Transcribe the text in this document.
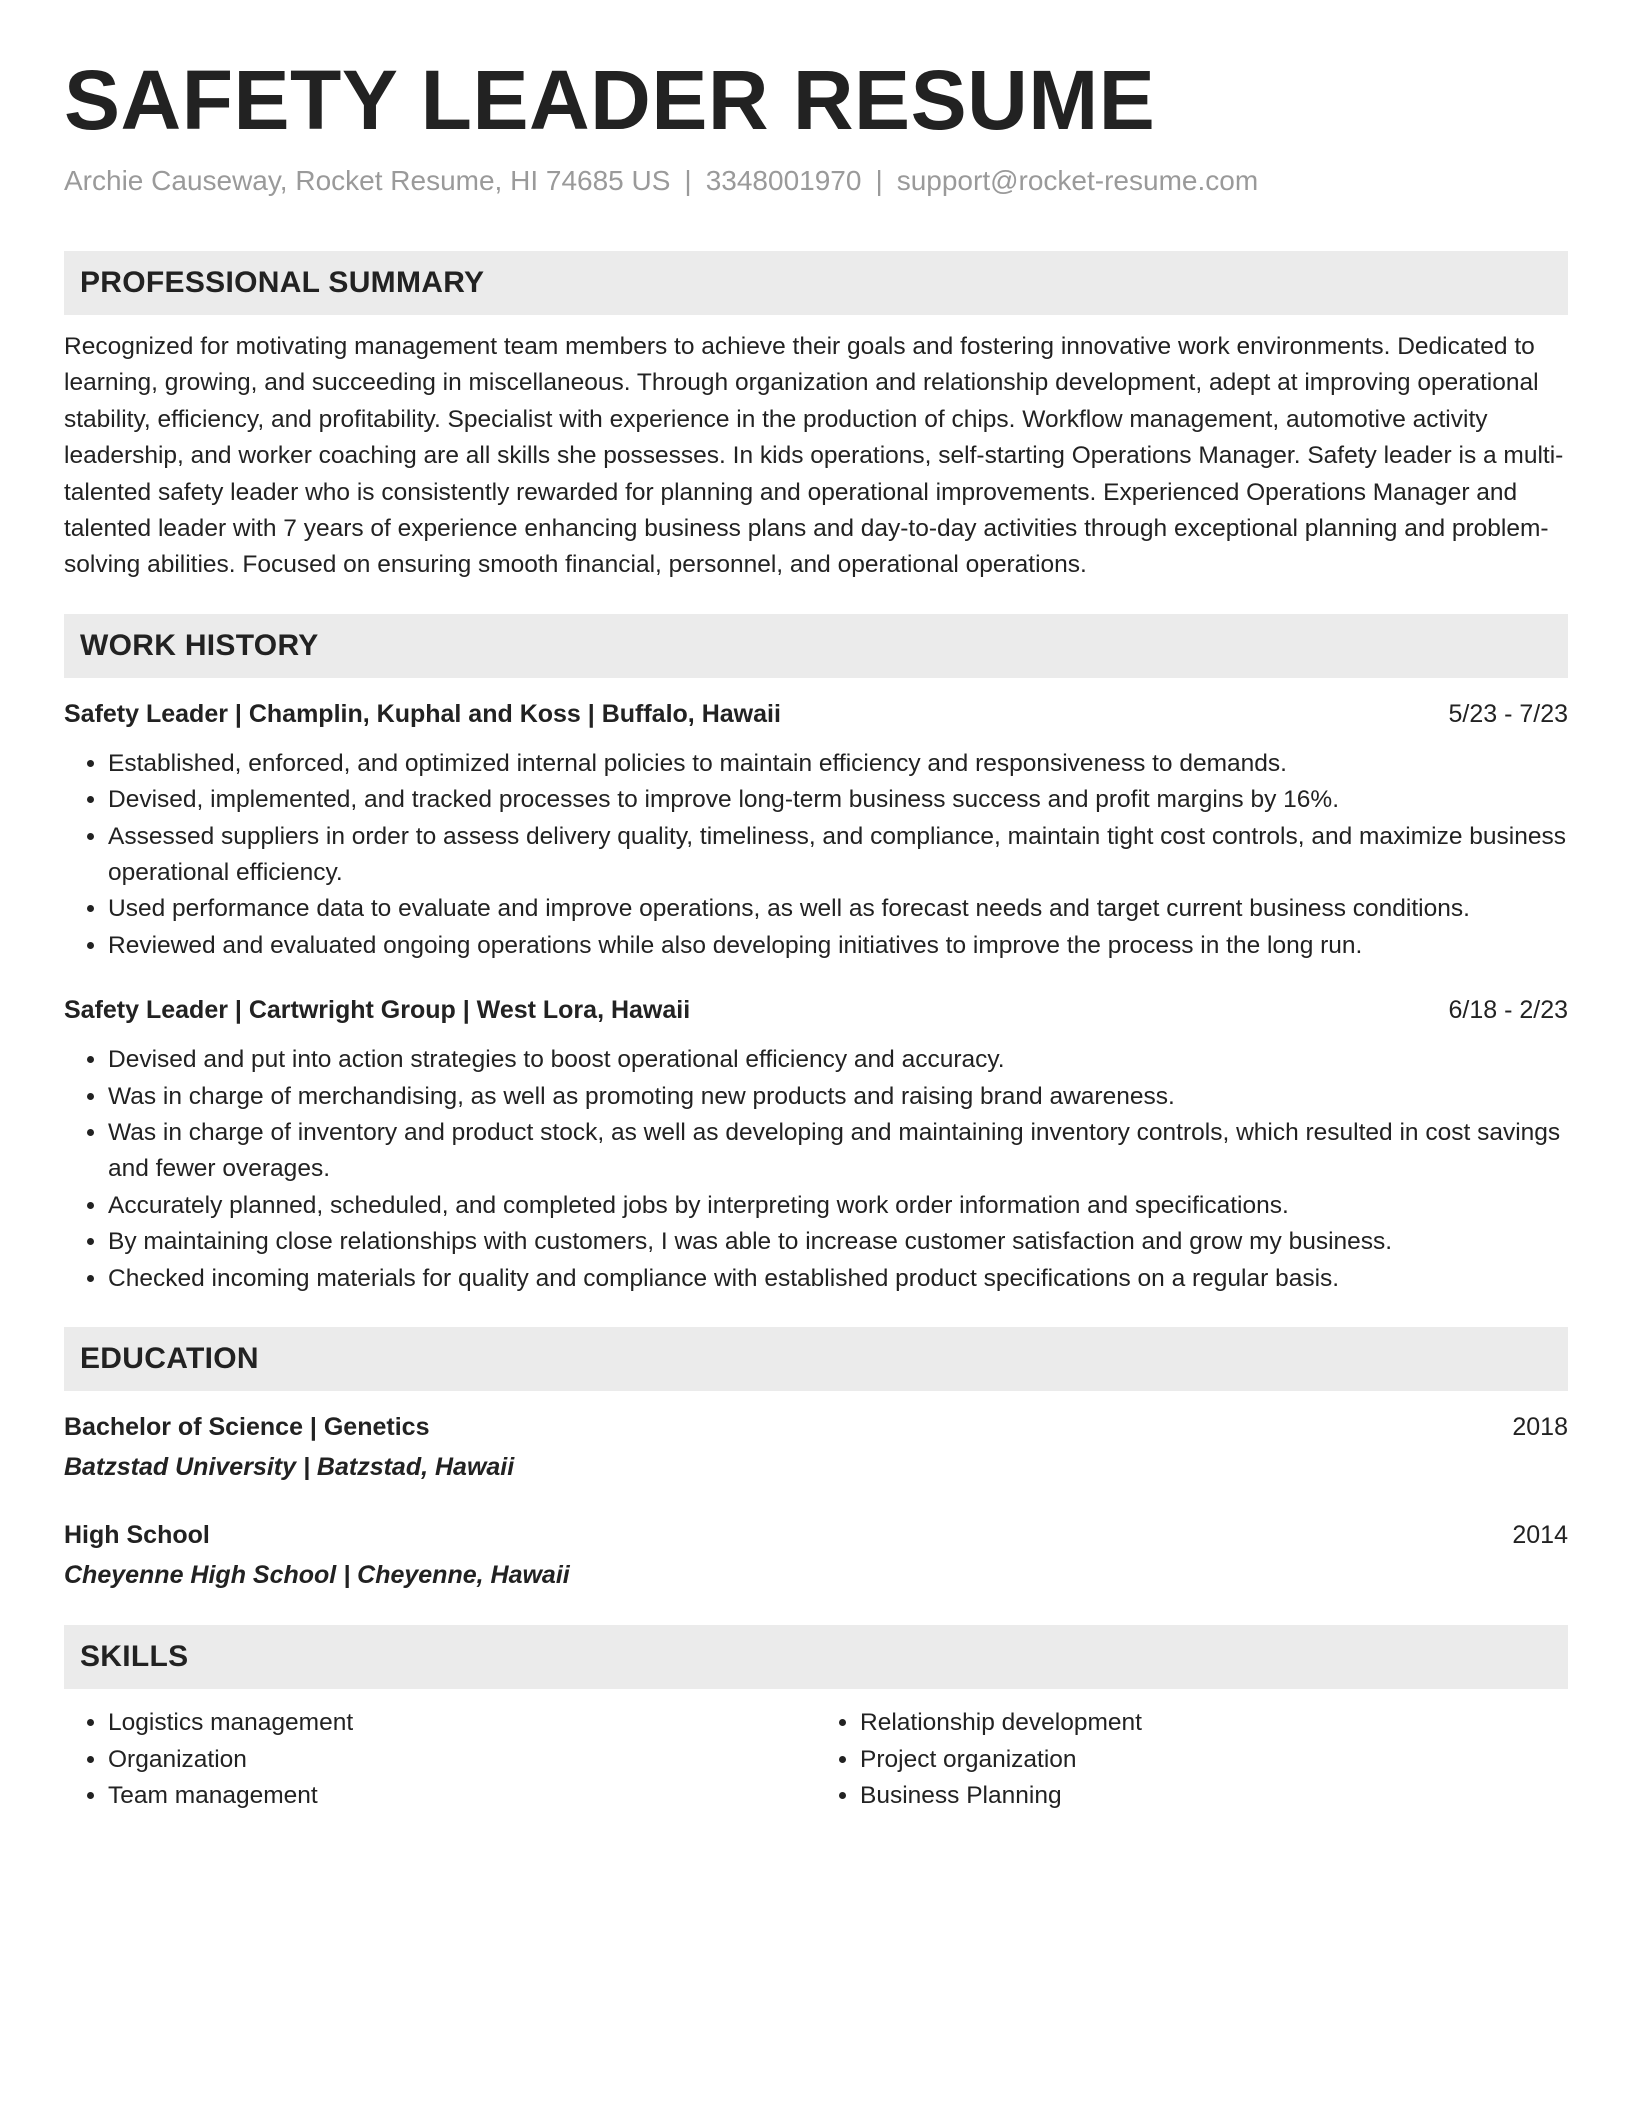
SAFETY LEADER RESUME
Archie Causeway, Rocket Resume, HI 74685 US | 3348001970 | support@rocket-resume.com
PROFESSIONAL SUMMARY

Recognized for motivating management team members to achieve their goals and fostering innovative work environments. Dedicated to learning, growing, and succeeding in miscellaneous. Through organization and relationship development, adept at improving operational stability, efficiency, and profitability. Specialist with experience in the production of chips. Workflow management, automotive activity leadership, and worker coaching are all skills she possesses. In kids operations, self-starting Operations Manager. Safety leader is a multi-talented safety leader who is consistently rewarded for planning and operational improvements. Experienced Operations Manager and talented leader with 7 years of experience enhancing business plans and day-to-day activities through exceptional planning and problem-solving abilities. Focused on ensuring smooth financial, personnel, and operational operations.

WORK HISTORY
Safety Leader | Champlin, Kuphal and Koss | Buffalo, Hawaii	5/23 - 7/23
• Established, enforced, and optimized internal policies to maintain efficiency and responsiveness to demands.
• Devised, implemented, and tracked processes to improve long-term business success and profit margins by 16%.
• Assessed suppliers in order to assess delivery quality, timeliness, and compliance, maintain tight cost controls, and maximize business operational efficiency.
• Used performance data to evaluate and improve operations, as well as forecast needs and target current business conditions.
• Reviewed and evaluated ongoing operations while also developing initiatives to improve the process in the long run.
Safety Leader | Cartwright Group | West Lora, Hawaii	6/18 - 2/23
• Devised and put into action strategies to boost operational efficiency and accuracy.
• Was in charge of merchandising, as well as promoting new products and raising brand awareness.
• Was in charge of inventory and product stock, as well as developing and maintaining inventory controls, which resulted in cost savings and fewer overages.
• Accurately planned, scheduled, and completed jobs by interpreting work order information and specifications.
• By maintaining close relationships with customers, I was able to increase customer satisfaction and grow my business.
• Checked incoming materials for quality and compliance with established product specifications on a regular basis.
EDUCATION
Bachelor of Science | Genetics	2018
Batzstad University | Batzstad, Hawaii
High School	2014
Cheyenne High School | Cheyenne, Hawaii
SKILLS
• Logistics management
• Organization
• Team management
• Relationship development
• Project organization
• Business Planning
